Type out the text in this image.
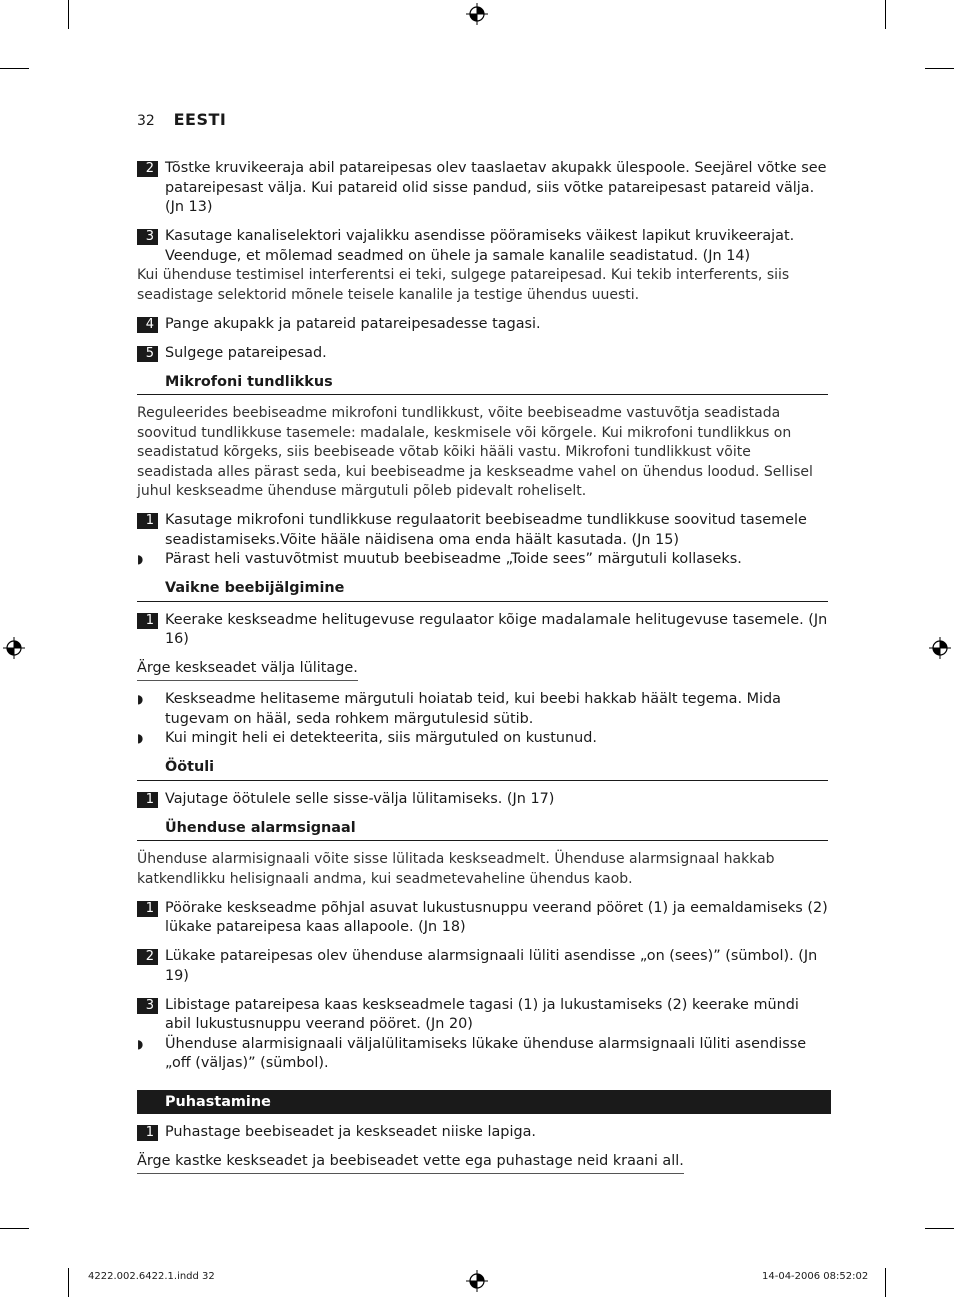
32 EESTI
2 Tõstke kruvikeeraja abil patareipesas olev taaslaetav akupakk ülespoole. Seejärel võtke see patareipesast välja. Kui patareid olid sisse pandud, siis võtke patareipesast patareid välja. (Jn 13)
3 Kasutage kanaliselektori vajalikku asendisse pööramiseks väikest lapikut kruvikeerajat. Veenduge, et mõlemad seadmed on ühele ja samale kanalile seadistatud. (Jn 14)
Kui ühenduse testimisel interferentsi ei teki, sulgege patareipesad. Kui tekib interferents, siis seadistage selektorid mõnele teisele kanalile ja testige ühendus uuesti.
4 Pange akupakk ja patareid patareipesadesse tagasi.
5 Sulgege patareipesad.
Mikrofoni tundlikkus
Reguleerides beebiseadme mikrofoni tundlikkust, võite beebiseadme vastuvõtja seadistada soovitud tundlikkuse tasemele: madalale, keskmisele või kõrgele. Kui mikrofoni tundlikkus on seadistatud kõrgeks, siis beebiseade võtab kõiki hääli vastu. Mikrofoni tundlikkust võite seadistada alles pärast seda, kui beebiseadme ja keskseadme vahel on ühendus loodud. Sellisel juhul keskseadme ühenduse märgutuli põleb pidevalt roheliselt.
1 Kasutage mikrofoni tundlikkuse regulaatorit beebiseadme tundlikkuse soovitud tasemele seadistamiseks.Võite hääle näidisena oma enda häält kasutada. (Jn 15)
◗ Pärast heli vastuvõtmist muutub beebiseadme „Toide sees” märgutuli kollaseks.
Vaikne beebijälgimine
1 Keerake keskseadme helitugevuse regulaator kõige madalamale helitugevuse tasemele. (Jn 16)
Ärge keskseadet välja lülitage.
◗ Keskseadme helitaseme märgutuli hoiatab teid, kui beebi hakkab häält tegema. Mida tugevam on hääl, seda rohkem märgutulesid sütib.
◗ Kui mingit heli ei detekteerita, siis märgutuled on kustunud.
Öötuli
1 Vajutage öötulele selle sisse-välja lülitamiseks. (Jn 17)
Ühenduse alarmsignaal
Ühenduse alarmisignaali võite sisse lülitada keskseadmelt. Ühenduse alarmsignaal hakkab katkendlikku helisignaali andma, kui seadmetevaheline ühendus kaob.
1 Pöörake keskseadme põhjal asuvat lukustusnuppu veerand pööret (1) ja eemaldamiseks (2) lükake patareipesa kaas allapoole. (Jn 18)
2 Lükake patareipesas olev ühenduse alarmsignaali lüliti asendisse „on (sees)” (sümbol). (Jn 19)
3 Libistage patareipesa kaas keskseadmele tagasi (1) ja lukustamiseks (2) keerake mündi abil lukustusnuppu veerand pööret. (Jn 20)
◗ Ühenduse alarmisignaali väljalülitamiseks lükake ühenduse alarmsignaali lüliti asendisse „off (väljas)” (sümbol).
Puhastamine
1 Puhastage beebiseadet ja keskseadet niiske lapiga.
Ärge kastke keskseadet ja beebiseadet vette ega puhastage neid kraani all.
4222.002.6422.1.indd 32	14-04-2006 08:52:02
